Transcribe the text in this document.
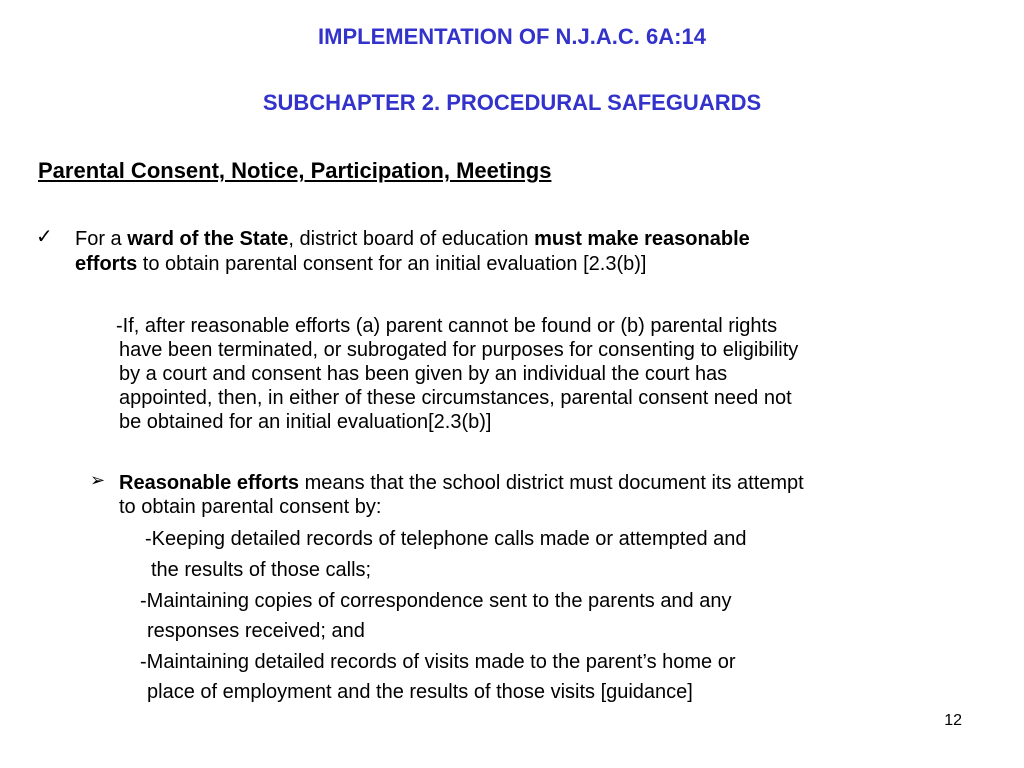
IMPLEMENTATION OF N.J.A.C. 6A:14
SUBCHAPTER 2. PROCEDURAL SAFEGUARDS
Parental Consent, Notice, Participation, Meetings
✓ For a ward of the State, district board of education must make reasonable
efforts to obtain parental consent for an initial evaluation [2.3(b)]
-If, after reasonable efforts (a) parent cannot be found or (b) parental rights
have been terminated, or subrogated for purposes for consenting to eligibility
by a court and consent has been given by an individual the court has
appointed, then, in either of these circumstances, parental consent need not
be obtained for an initial evaluation[2.3(b)]
➢ Reasonable efforts means that the school district must document its attempt
to obtain parental consent by:
-Keeping detailed records of telephone calls made or attempted and
the results of those calls;
-Maintaining copies of correspondence sent to the parents and any
responses received; and
-Maintaining detailed records of visits made to the parent’s home or
place of employment and the results of those visits [guidance]
12
